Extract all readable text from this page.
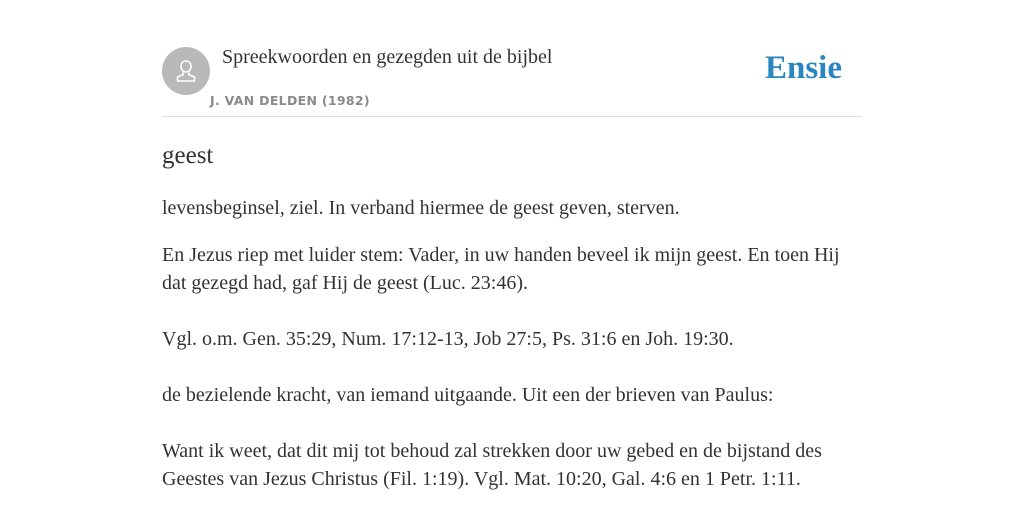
Spreekwoorden en gezegden uit de bijbel
J. VAN DELDEN (1982)
Ensie
geest

levensbeginsel, ziel. In verband hiermee de geest geven, sterven.

En Jezus riep met luider stem: Vader, in uw handen beveel ik mijn geest. En toen Hij dat gezegd had, gaf Hij de geest (Luc. 23:46).

Vgl. o.m. Gen. 35:29, Num. 17:12-13, Job 27:5, Ps. 31:6 en Joh. 19:30.

de bezielende kracht, van iemand uitgaande. Uit een der brieven van Paulus:

Want ik weet, dat dit mij tot behoud zal strekken door uw gebed en de bijstand des Geestes van Jezus Christus (Fil. 1:19). Vgl. Mat. 10:20, Gal. 4:6 en 1 Petr. 1:11.
